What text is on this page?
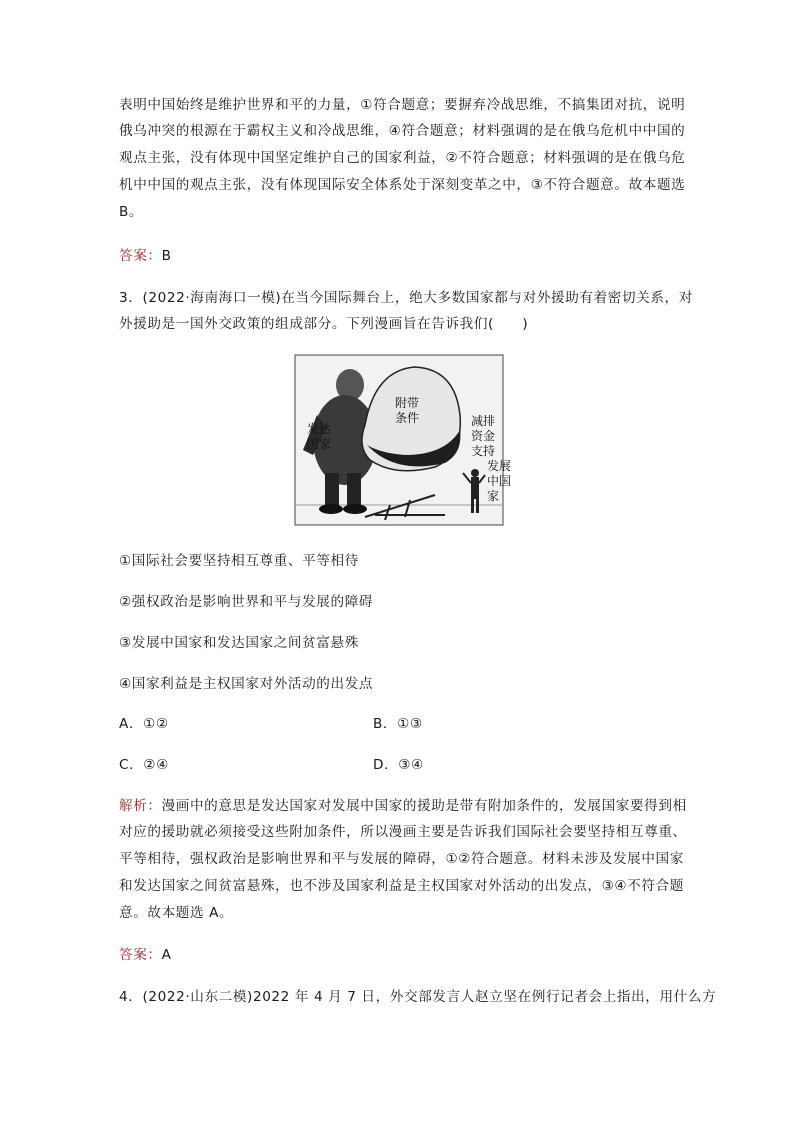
表明中国始终是维护世界和平的力量，①符合题意；要摒弃冷战思维，不搞集团对抗，说明
俄乌冲突的根源在于霸权主义和冷战思维，④符合题意；材料强调的是在俄乌危机中中国的
观点主张，没有体现中国坚定维护自己的国家利益，②不符合题意；材料强调的是在俄乌危
机中中国的观点主张，没有体现国际安全体系处于深刻变革之中，③不符合题意。故本题选
B。
答案：B
3．(2022·海南海口一模)在当今国际舞台上，绝大多数国家都与对外援助有着密切关系，对
外援助是一国外交政策的组成部分。下列漫画旨在告诉我们(　　)
附带
条件
发达
国家
减排
资金
支持
发展
中国
家
①国际社会要坚持相互尊重、平等相待
②强权政治是影响世界和平与发展的障碍
③发展中国家和发达国家之间贫富悬殊
④国家利益是主权国家对外活动的出发点
A．①②	B．①③
C．②④	D．③④
解析：漫画中的意思是发达国家对发展中国家的援助是带有附加条件的，发展国家要得到相
对应的援助就必须接受这些附加条件，所以漫画主要是告诉我们国际社会要坚持相互尊重、
平等相待，强权政治是影响世界和平与发展的障碍，①②符合题意。材料未涉及发展中国家
和发达国家之间贫富悬殊，也不涉及国家利益是主权国家对外活动的出发点，③④不符合题
意。故本题选 A。
答案：A
4．(2022·山东二模)2022 年 4 月 7 日，外交部发言人赵立坚在例行记者会上指出，用什么方
